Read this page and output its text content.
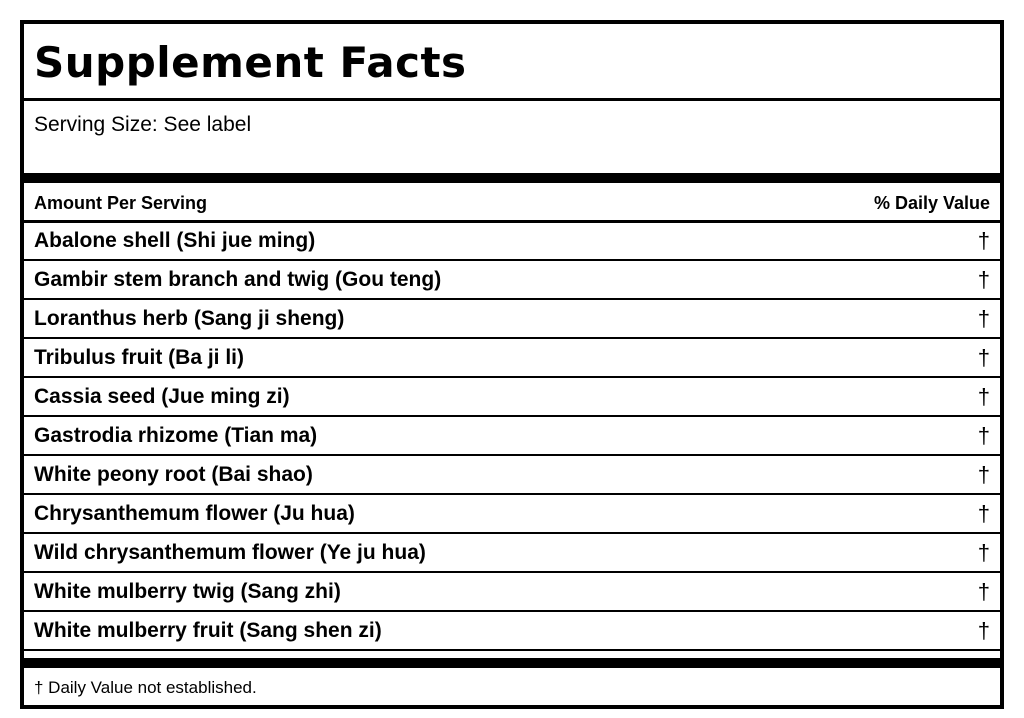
Supplement Facts
Serving Size: See label
Amount Per Serving	% Daily Value
Abalone shell (Shi jue ming)	†
Gambir stem branch and twig (Gou teng)	†
Loranthus herb (Sang ji sheng)	†
Tribulus fruit (Ba ji li)	†
Cassia seed (Jue ming zi)	†
Gastrodia rhizome (Tian ma)	†
White peony root (Bai shao)	†
Chrysanthemum flower (Ju hua)	†
Wild chrysanthemum flower (Ye ju hua)	†
White mulberry twig (Sang zhi)	†
White mulberry fruit (Sang shen zi)	†
† Daily Value not established.
